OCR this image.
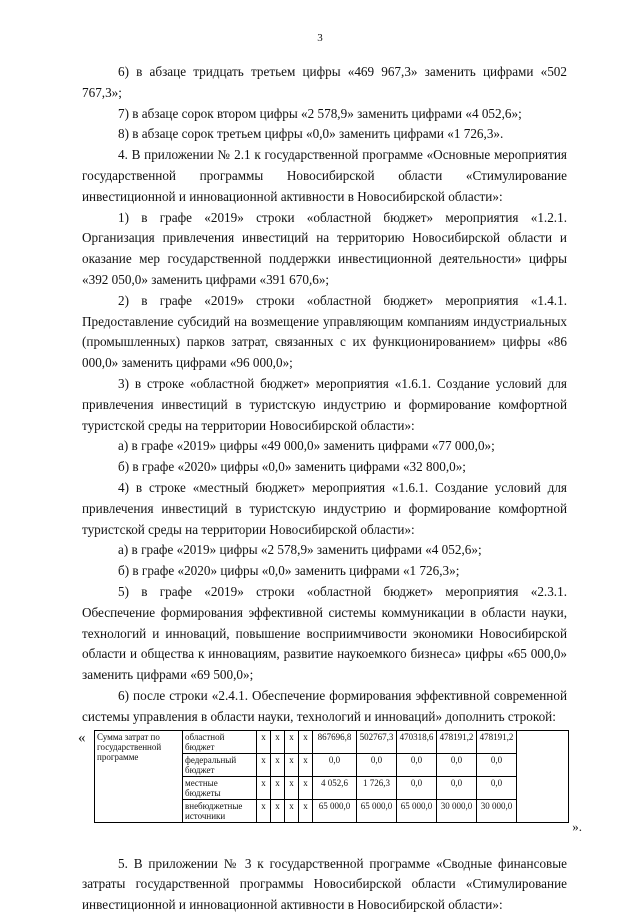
3

6) в абзаце тридцать третьем цифры «469 967,3» заменить цифрами «502 767,3»;

7) в абзаце сорок втором цифры «2 578,9» заменить цифрами «4 052,6»;

8) в абзаце сорок третьем цифры «0,0» заменить цифрами «1 726,3».

4. В приложении № 2.1 к государственной программе «Основные мероприятия государственной программы Новосибирской области «Стимулирование инвестиционной и инновационной активности в Новосибирской области»:

1) в графе «2019» строки «областной бюджет» мероприятия «1.2.1. Организация привлечения инвестиций на территорию Новосибирской области и оказание мер государственной поддержки инвестиционной деятельности» цифры «392 050,0» заменить цифрами «391 670,6»;

2) в графе «2019» строки «областной бюджет» мероприятия «1.4.1. Предоставление субсидий на возмещение управляющим компаниям индустриальных (промышленных) парков затрат, связанных с их функционированием» цифры «86 000,0» заменить цифрами «96 000,0»;

3) в строке «областной бюджет» мероприятия «1.6.1. Создание условий для привлечения инвестиций в туристскую индустрию и формирование комфортной туристской среды на территории Новосибирской области»:

а) в графе «2019» цифры «49 000,0» заменить цифрами «77 000,0»;

б) в графе «2020» цифры «0,0» заменить цифрами «32 800,0»;

4) в строке «местный бюджет» мероприятия «1.6.1. Создание условий для привлечения инвестиций в туристскую индустрию и формирование комфортной туристской среды на территории Новосибирской области»:

а) в графе «2019» цифры «2 578,9» заменить цифрами «4 052,6»;

б) в графе «2020» цифры «0,0» заменить цифрами «1 726,3»;

5) в графе «2019» строки «областной бюджет» мероприятия «2.3.1. Обеспечение формирования эффективной системы коммуникации в области науки, технологий и инноваций, повышение восприимчивости экономики Новосибирской области и общества к инновациям, развитие наукоемкого бизнеса» цифры «65 000,0» заменить цифрами «69 500,0»;

6) после строки «2.4.1. Обеспечение формирования эффективной современной системы управления в области науки, технологий и инноваций» дополнить строкой:

« Сумма затрат по государственной программе	областной бюджет	x	x	x	x	867696,8	502767,3	470318,6	478191,2	478191,2	
	федеральный бюджет	x	x	x	x	0,0	0,0	0,0	0,0	0,0	
	местные бюджеты	x	x	x	x	4 052,6	1 726,3	0,0	0,0	0,0	
	внебюджетные источники	x	x	x	x	65 000,0	65 000,0	65 000,0	30 000,0	30 000,0	
».

5. В приложении № 3 к государственной программе «Сводные финансовые затраты государственной программы Новосибирской области «Стимулирование инвестиционной и инновационной активности в Новосибирской области»:
